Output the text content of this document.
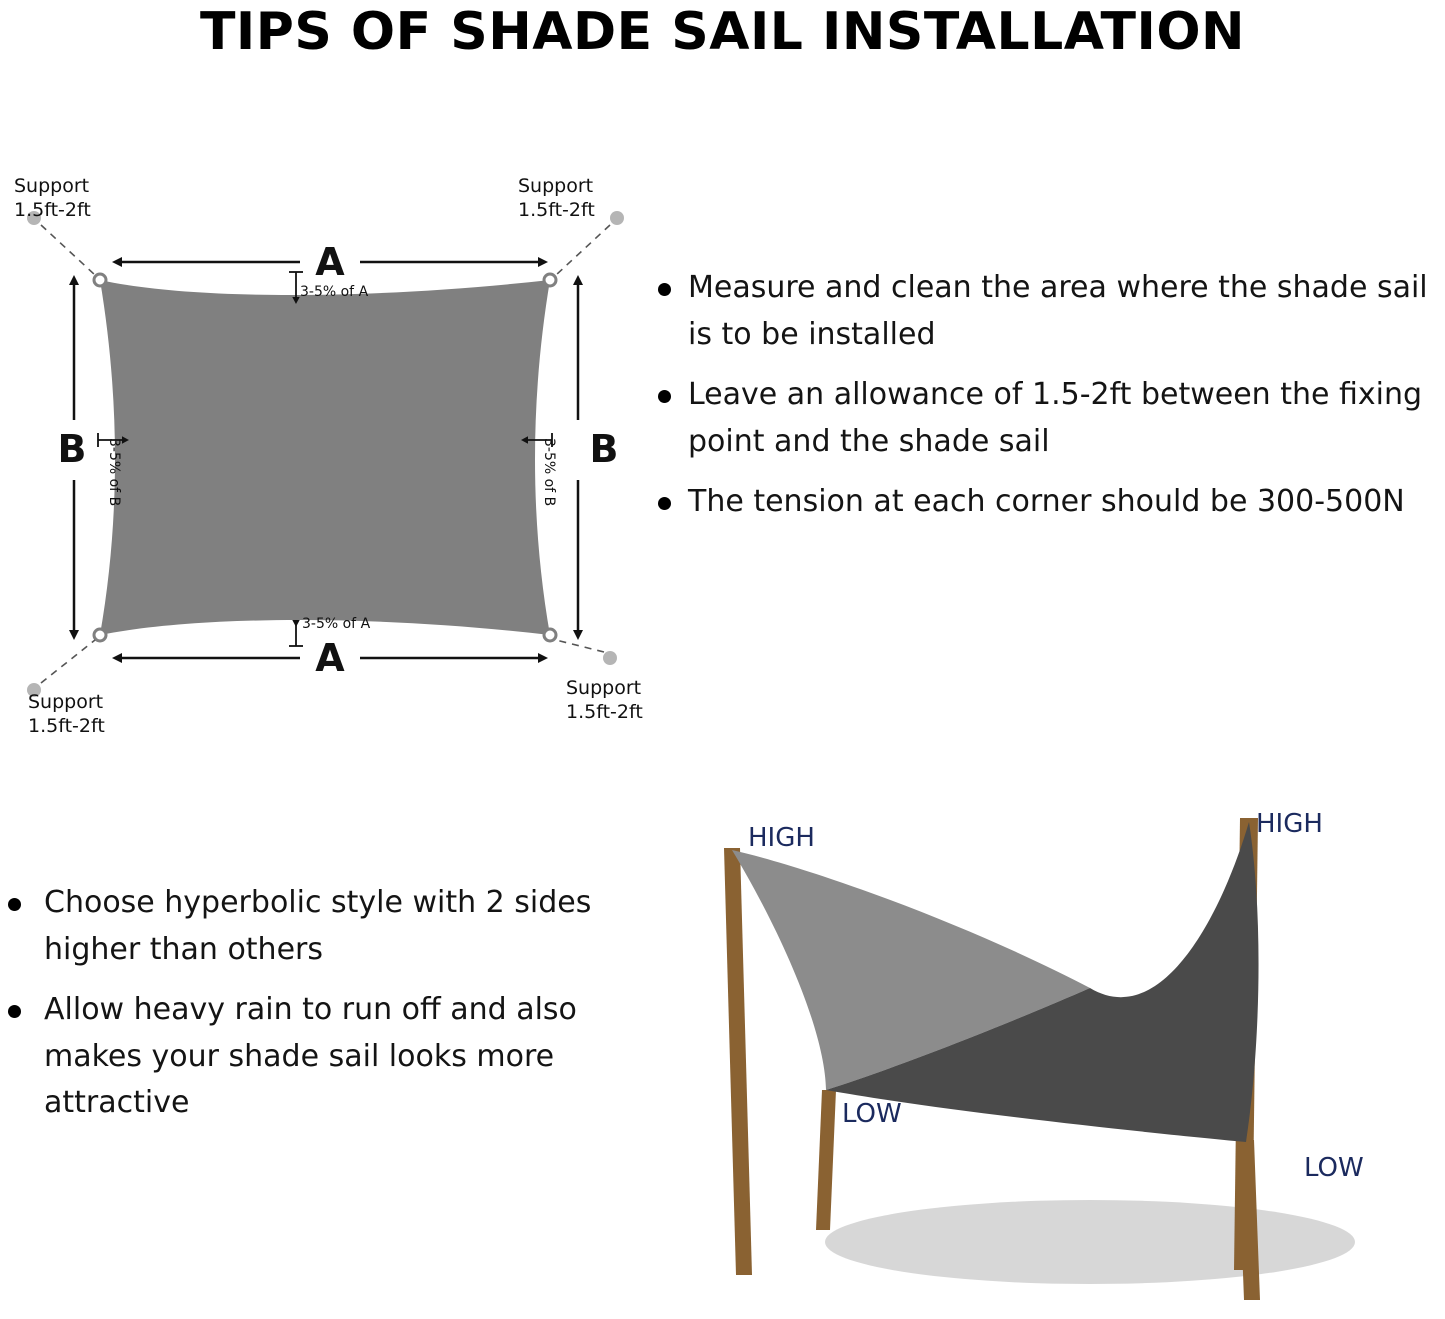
TIPS OF SHADE SAIL INSTALLATION
A
A
B	B
3-5% of A
3-5% of A
3-5% of B	3-5% of B
Support
1.5ft-2ft
Support
1.5ft-2ft
Support
1.5ft-2ft
Support
1.5ft-2ft
Measure and clean the area where the shade sail is to be installed
Leave an allowance of 1.5-2ft between the fixing point and the shade sail
The tension at each corner should be 300-500N
Choose hyperbolic style with 2 sides higher than others
Allow heavy rain to run off and also makes your shade sail looks more attractive
HIGH	HIGH
LOW
LOW
